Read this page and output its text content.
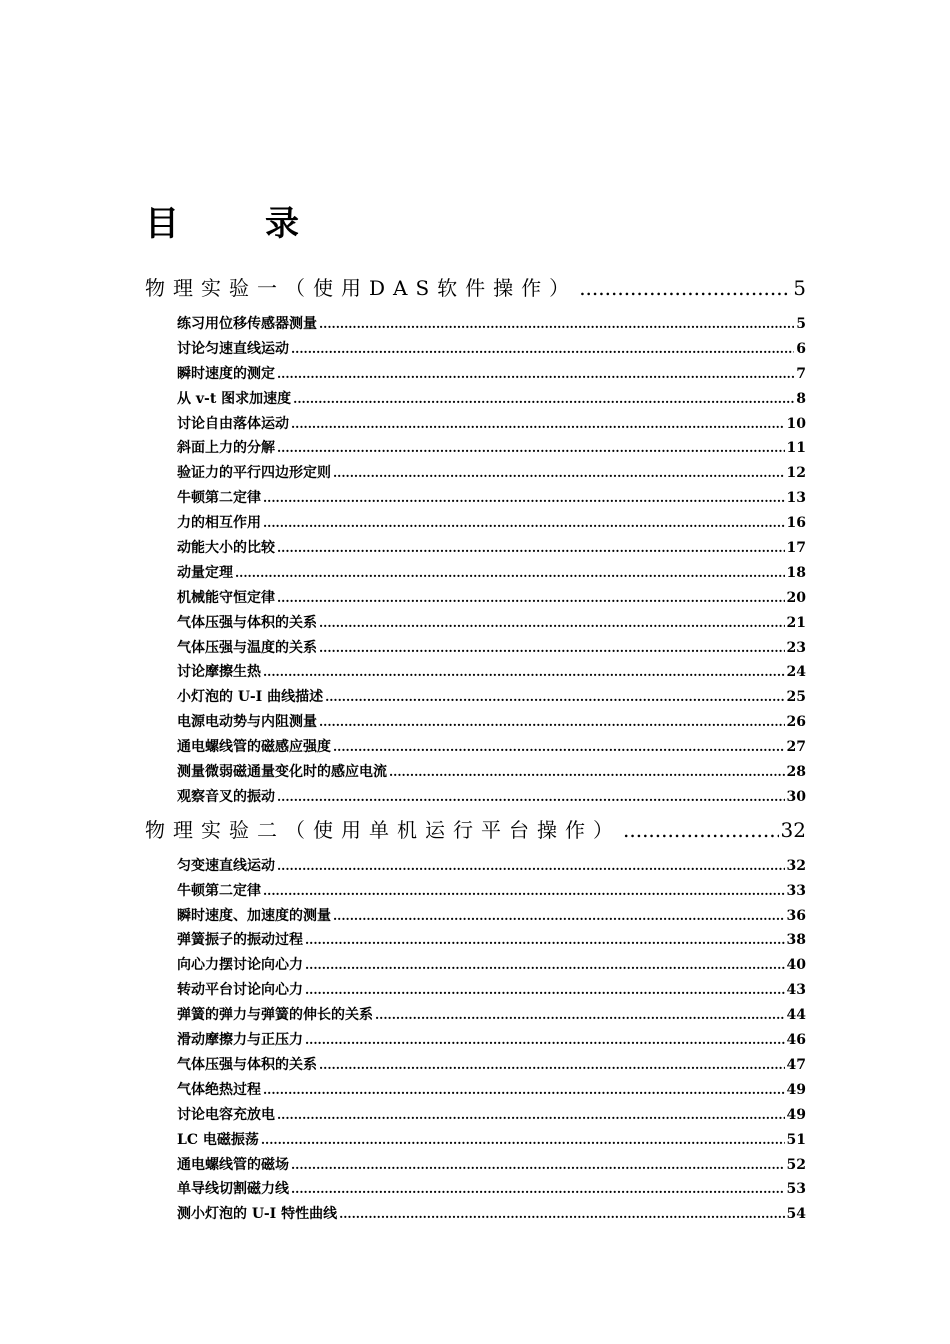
目录
物理实验一（使用DAS软件操作） .....	5
练习用位移传感器测量 .....	5
讨论匀速直线运动 .....	6
瞬时速度的测定 .....	7
从 v-t 图求加速度 .....	8
讨论自由落体运动 .....	10
斜面上力的分解 .....	11
验证力的平行四边形定则 .....	12
牛顿第二定律 .....	13
力的相互作用 .....	16
动能大小的比较 .....	17
动量定理 .....	18
机械能守恒定律 .....	20
气体压强与体积的关系 .....	21
气体压强与温度的关系 .....	23
讨论摩擦生热 .....	24
小灯泡的 U-I 曲线描述 .....	25
电源电动势与内阻测量 .....	26
通电螺线管的磁感应强度 .....	27
测量微弱磁通量变化时的感应电流 .....	28
观察音叉的振动 .....	30
物理实验二（使用单机运行平台操作） .....	32
匀变速直线运动 .....	32
牛顿第二定律 .....	33
瞬时速度、加速度的测量 .....	36
弹簧振子的振动过程 .....	38
向心力摆讨论向心力 .....	40
转动平台讨论向心力 .....	43
弹簧的弹力与弹簧的伸长的关系 .....	44
滑动摩擦力与正压力 .....	46
气体压强与体积的关系 .....	47
气体绝热过程 .....	49
讨论电容充放电 .....	49
LC 电磁振荡 .....	51
通电螺线管的磁场 .....	52
单导线切割磁力线 .....	53
测小灯泡的 U-I 特性曲线 .....	54
